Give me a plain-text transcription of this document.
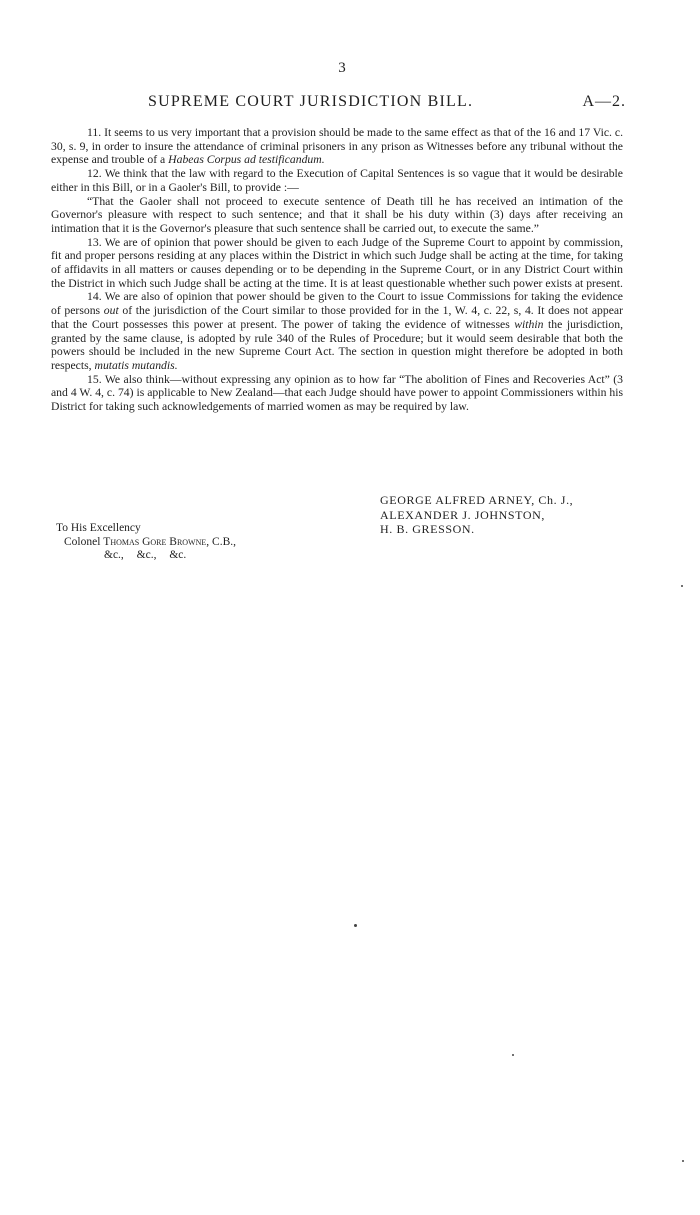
3
SUPREME COURT JURISDICTION BILL.	A—2.

11. It seems to us very important that a provision should be made to the same effect as that of the 16 and 17 Vic. c. 30, s. 9, in order to insure the attendance of criminal prisoners in any prison as Witnesses before any tribunal without the expense and trouble of a Habeas Corpus ad testificandum.

12. We think that the law with regard to the Execution of Capital Sentences is so vague that it would be desirable either in this Bill, or in a Gaoler's Bill, to provide :—

“That the Gaoler shall not proceed to execute sentence of Death till he has received an intimation of the Governor's pleasure with respect to such sentence; and that it shall be his duty within (3) days after receiving an intimation that it is the Governor's pleasure that such sentence shall be carried out, to execute the same.”

13. We are of opinion that power should be given to each Judge of the Supreme Court to appoint by commission, fit and proper persons residing at any places within the District in which such Judge shall be acting at the time, for taking of affidavits in all matters or causes depending or to be depending in the Supreme Court, or in any District Court within the District in which such Judge shall be acting at the time. It is at least questionable whether such power exists at present.

14. We are also of opinion that power should be given to the Court to issue Commissions for taking the evidence of persons out of the jurisdiction of the Court similar to those provided for in the 1, W. 4, c. 22, s, 4. It does not appear that the Court possesses this power at present. The power of taking the evidence of witnesses within the jurisdiction, granted by the same clause, is adopted by rule 340 of the Rules of Procedure; but it would seem desirable that both the powers should be included in the new Supreme Court Act. The section in question might therefore be adopted in both respects, mutatis mutandis.

15. We also think—without expressing any opinion as to how far “The abolition of Fines and Recoveries Act” (3 and 4 W. 4, c. 74) is applicable to New Zealand—that each Judge should have power to appoint Commissioners within his District for taking such acknowledgements of married women as may be required by law.

GEORGE ALFRED ARNEY, Ch. J.,
ALEXANDER J. JOHNSTON,
H. B. GRESSON.
To His Excellency
Colonel Thomas Gore Browne, C.B.,
&c., &c., &c.
